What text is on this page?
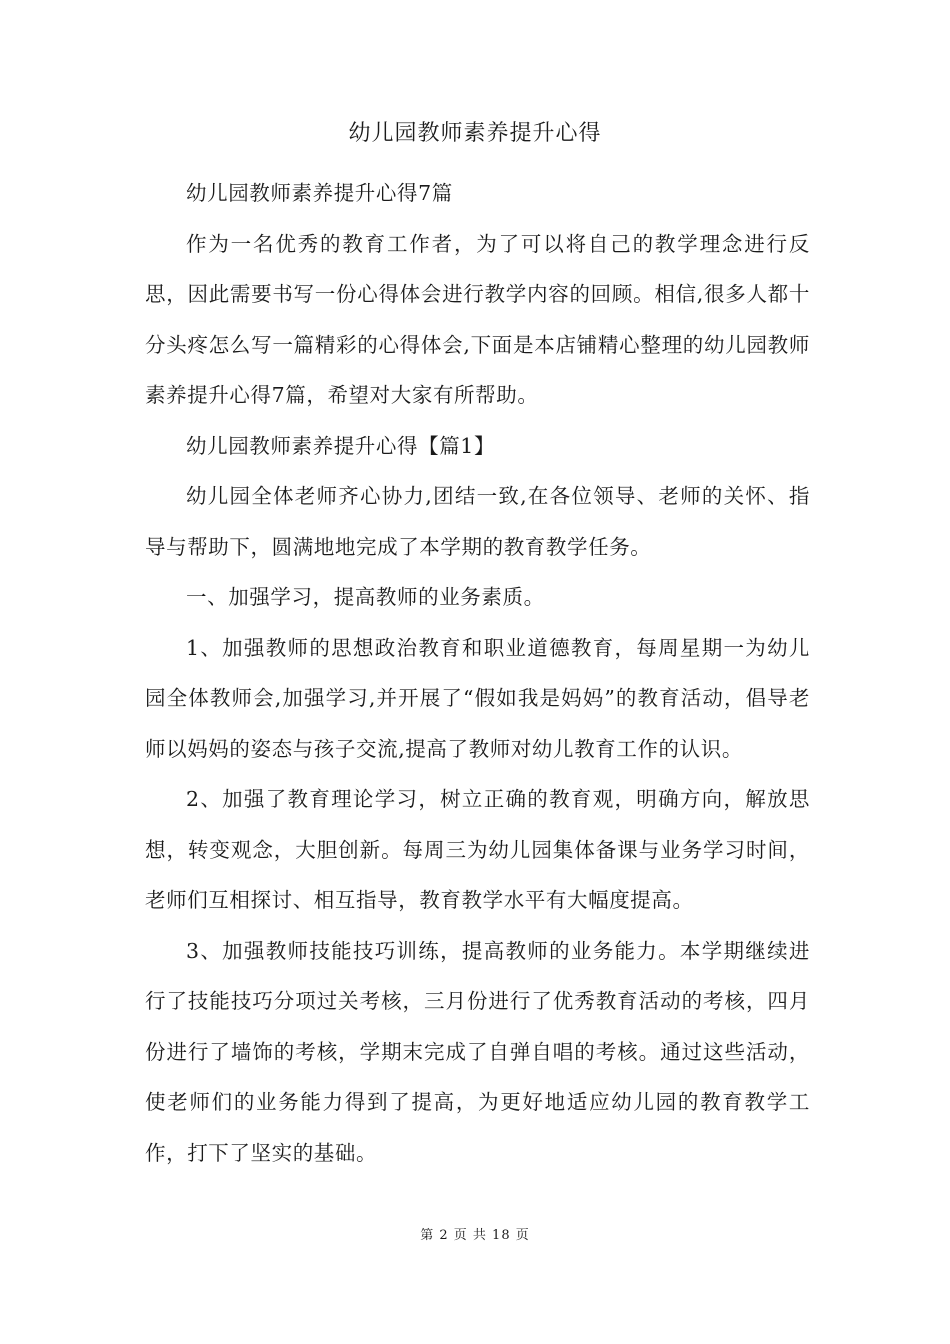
幼儿园教师素养提升心得

幼儿园教师素养提升心得7篇

作为一名优秀的教育工作者，为了可以将自己的教学理念进行反思，因此需要书写一份心得体会进行教学内容的回顾。相信,很多人都十分头疼怎么写一篇精彩的心得体会,下面是本店铺精心整理的幼儿园教师素养提升心得7篇，希望对大家有所帮助。

幼儿园教师素养提升心得【篇1】

幼儿园全体老师齐心协力,团结一致,在各位领导、老师的关怀、指导与帮助下，圆满地地完成了本学期的教育教学任务。

一、加强学习，提高教师的业务素质。

1、加强教师的思想政治教育和职业道德教育，每周星期一为幼儿园全体教师会,加强学习,并开展了“假如我是妈妈”的教育活动，倡导老师以妈妈的姿态与孩子交流,提高了教师对幼儿教育工作的认识。

2、加强了教育理论学习，树立正确的教育观，明确方向，解放思想，转变观念，大胆创新。每周三为幼儿园集体备课与业务学习时间，老师们互相探讨、相互指导，教育教学水平有大幅度提高。

3、加强教师技能技巧训练，提高教师的业务能力。本学期继续进行了技能技巧分项过关考核，三月份进行了优秀教育活动的考核，四月份进行了墙饰的考核，学期末完成了自弹自唱的考核。通过这些活动，使老师们的业务能力得到了提高，为更好地适应幼儿园的教育教学工作，打下了坚实的基础。

第 2 页 共 18 页
